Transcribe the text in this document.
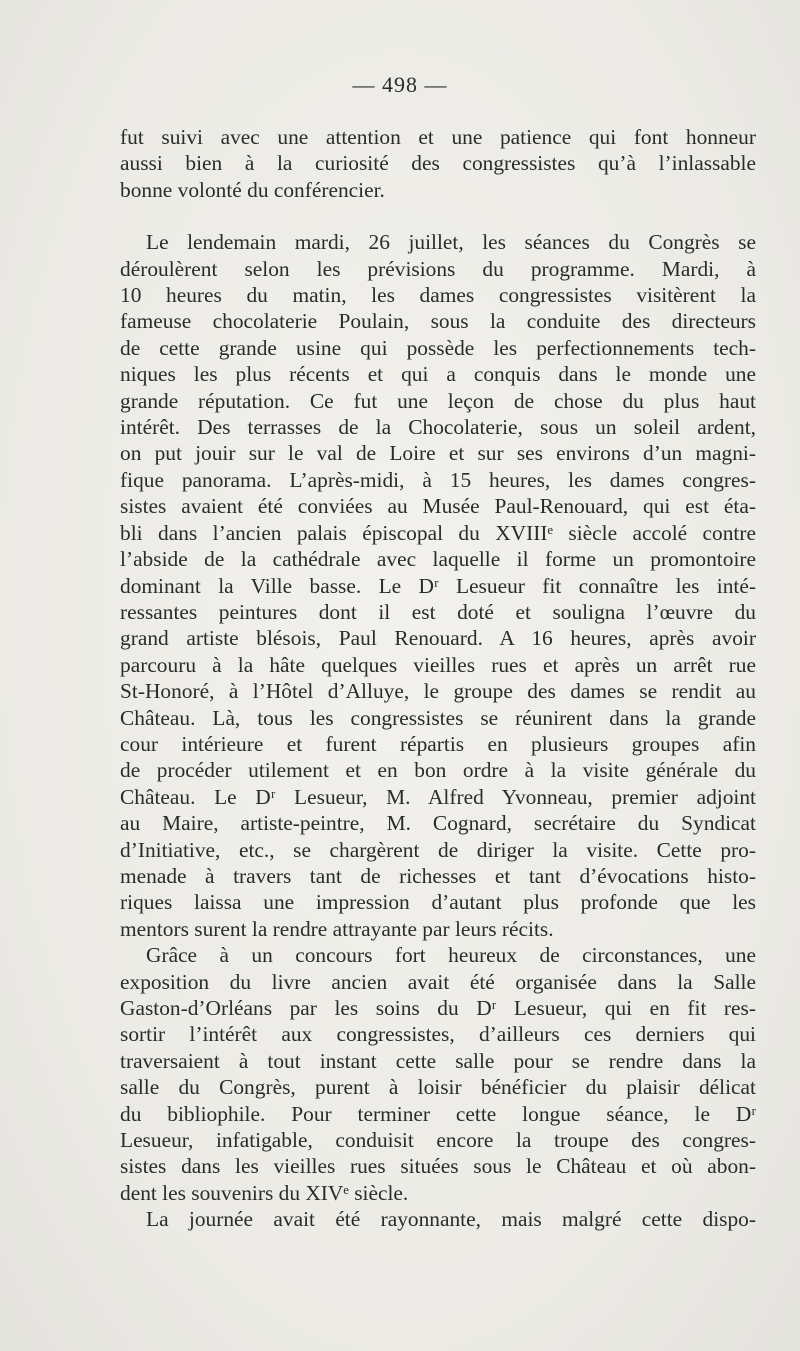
— 498 —

fut suivi avec une attention et une patience qui font honneur
aussi bien à la curiosité des congressistes qu’à l’inlassable
bonne volonté du conférencier.

Le lendemain mardi, 26 juillet, les séances du Congrès se
déroulèrent selon les prévisions du programme. Mardi, à
10 heures du matin, les dames congressistes visitèrent la
fameuse chocolaterie Poulain, sous la conduite des directeurs
de cette grande usine qui possède les perfectionnements tech-
niques les plus récents et qui a conquis dans le monde une
grande réputation. Ce fut une leçon de chose du plus haut
intérêt. Des terrasses de la Chocolaterie, sous un soleil ardent,
on put jouir sur le val de Loire et sur ses environs d’un magni-
fique panorama. L’après-midi, à 15 heures, les dames congres-
sistes avaient été conviées au Musée Paul-Renouard, qui est éta-
bli dans l’ancien palais épiscopal du XVIIIᵉ siècle accolé contre
l’abside de la cathédrale avec laquelle il forme un promontoire
dominant la Ville basse. Le Dʳ Lesueur fit connaître les inté-
ressantes peintures dont il est doté et souligna l’œuvre du
grand artiste blésois, Paul Renouard. A 16 heures, après avoir
parcouru à la hâte quelques vieilles rues et après un arrêt rue
St-Honoré, à l’Hôtel d’Alluye, le groupe des dames se rendit au
Château. Là, tous les congressistes se réunirent dans la grande
cour intérieure et furent répartis en plusieurs groupes afin
de procéder utilement et en bon ordre à la visite générale du
Château. Le Dʳ Lesueur, M. Alfred Yvonneau, premier adjoint
au Maire, artiste-peintre, M. Cognard, secrétaire du Syndicat
d’Initiative, etc., se chargèrent de diriger la visite. Cette pro-
menade à travers tant de richesses et tant d’évocations histo-
riques laissa une impression d’autant plus profonde que les
mentors surent la rendre attrayante par leurs récits.

Grâce à un concours fort heureux de circonstances, une
exposition du livre ancien avait été organisée dans la Salle
Gaston-d’Orléans par les soins du Dʳ Lesueur, qui en fit res-
sortir l’intérêt aux congressistes, d’ailleurs ces derniers qui
traversaient à tout instant cette salle pour se rendre dans la
salle du Congrès, purent à loisir bénéficier du plaisir délicat
du bibliophile. Pour terminer cette longue séance, le Dʳ
Lesueur, infatigable, conduisit encore la troupe des congres-
sistes dans les vieilles rues situées sous le Château et où abon-
dent les souvenirs du XIVᵉ siècle.

La journée avait été rayonnante, mais malgré cette dispo-
